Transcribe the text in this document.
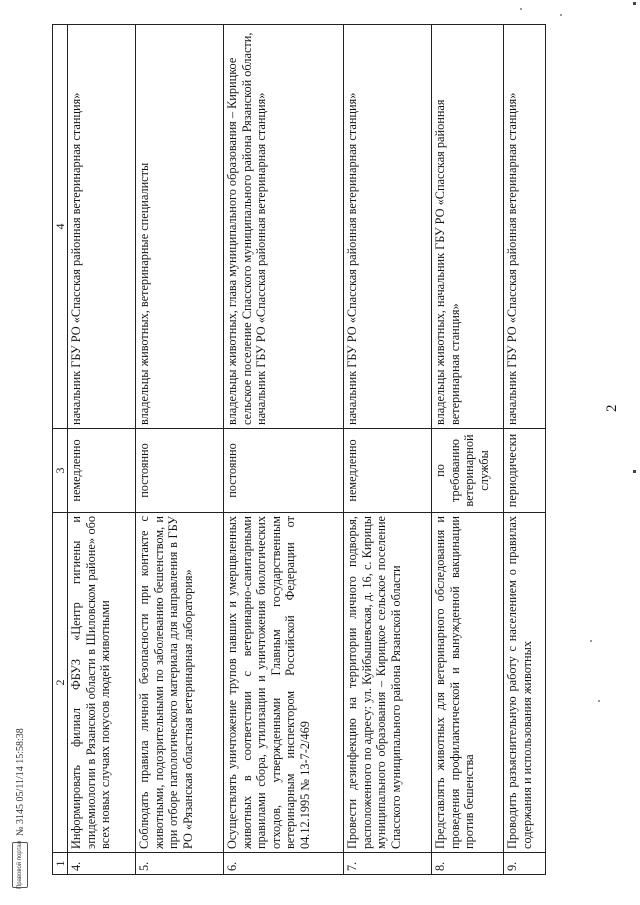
2
1	2	3	4
4.	Информировать филиал ФБУЗ «Центр гигиены и эпидемиологии в Рязанской области в Шиловском районе» обо всех новых случаях покусов людей животными	немедленно	начальник ГБУ РО «Спасская районная ветеринарная станция»
5.	Соблюдать правила личной безопасности при контакте с животными, подозрительными по заболеванию бешенством, и при отборе патологического материала для направления в ГБУ РО «Рязанская областная ветеринарная лаборатория»	постоянно	владельцы животных, ветеринарные специалисты
6.	Осуществлять уничтожение трупов павших и умерщвленных животных в соответствии с ветеринарно-санитарными правилами сбора, утилизации и уничтожения биологических отходов, утвержденными Главным государственным ветеринарным инспектором Российской Федерации от 04.12.1995 № 13-7-2/469	постоянно	владельцы животных, глава муниципального образования – Кирицкое сельское поселение Спасского муниципального района Рязанской области, начальник ГБУ РО «Спасская районная ветеринарная станция»
7.	Провести дезинфекцию на территории личного подворья, расположенного по адресу: ул. Куйбышевская, д. 16, с. Кирицы муниципального образования – Кирицкое сельское поселение Спасского муниципального района Рязанской области	немедленно	начальник ГБУ РО «Спасская районная ветеринарная станция»
8.	Представлять животных для ветеринарного обследования и проведения профилактической и вынужденной вакцинации против бешенства	по требованию ветеринарной службы	владельцы животных, начальник ГБУ РО «Спасская районная ветеринарная станция»
9.	Проводить разъяснительную работу с населением о правилах содержания и использования животных	периодически	начальник ГБУ РО «Спасская районная ветеринарная станция»
Правовой портал
№ 3145 05/11/14 15:58:38
